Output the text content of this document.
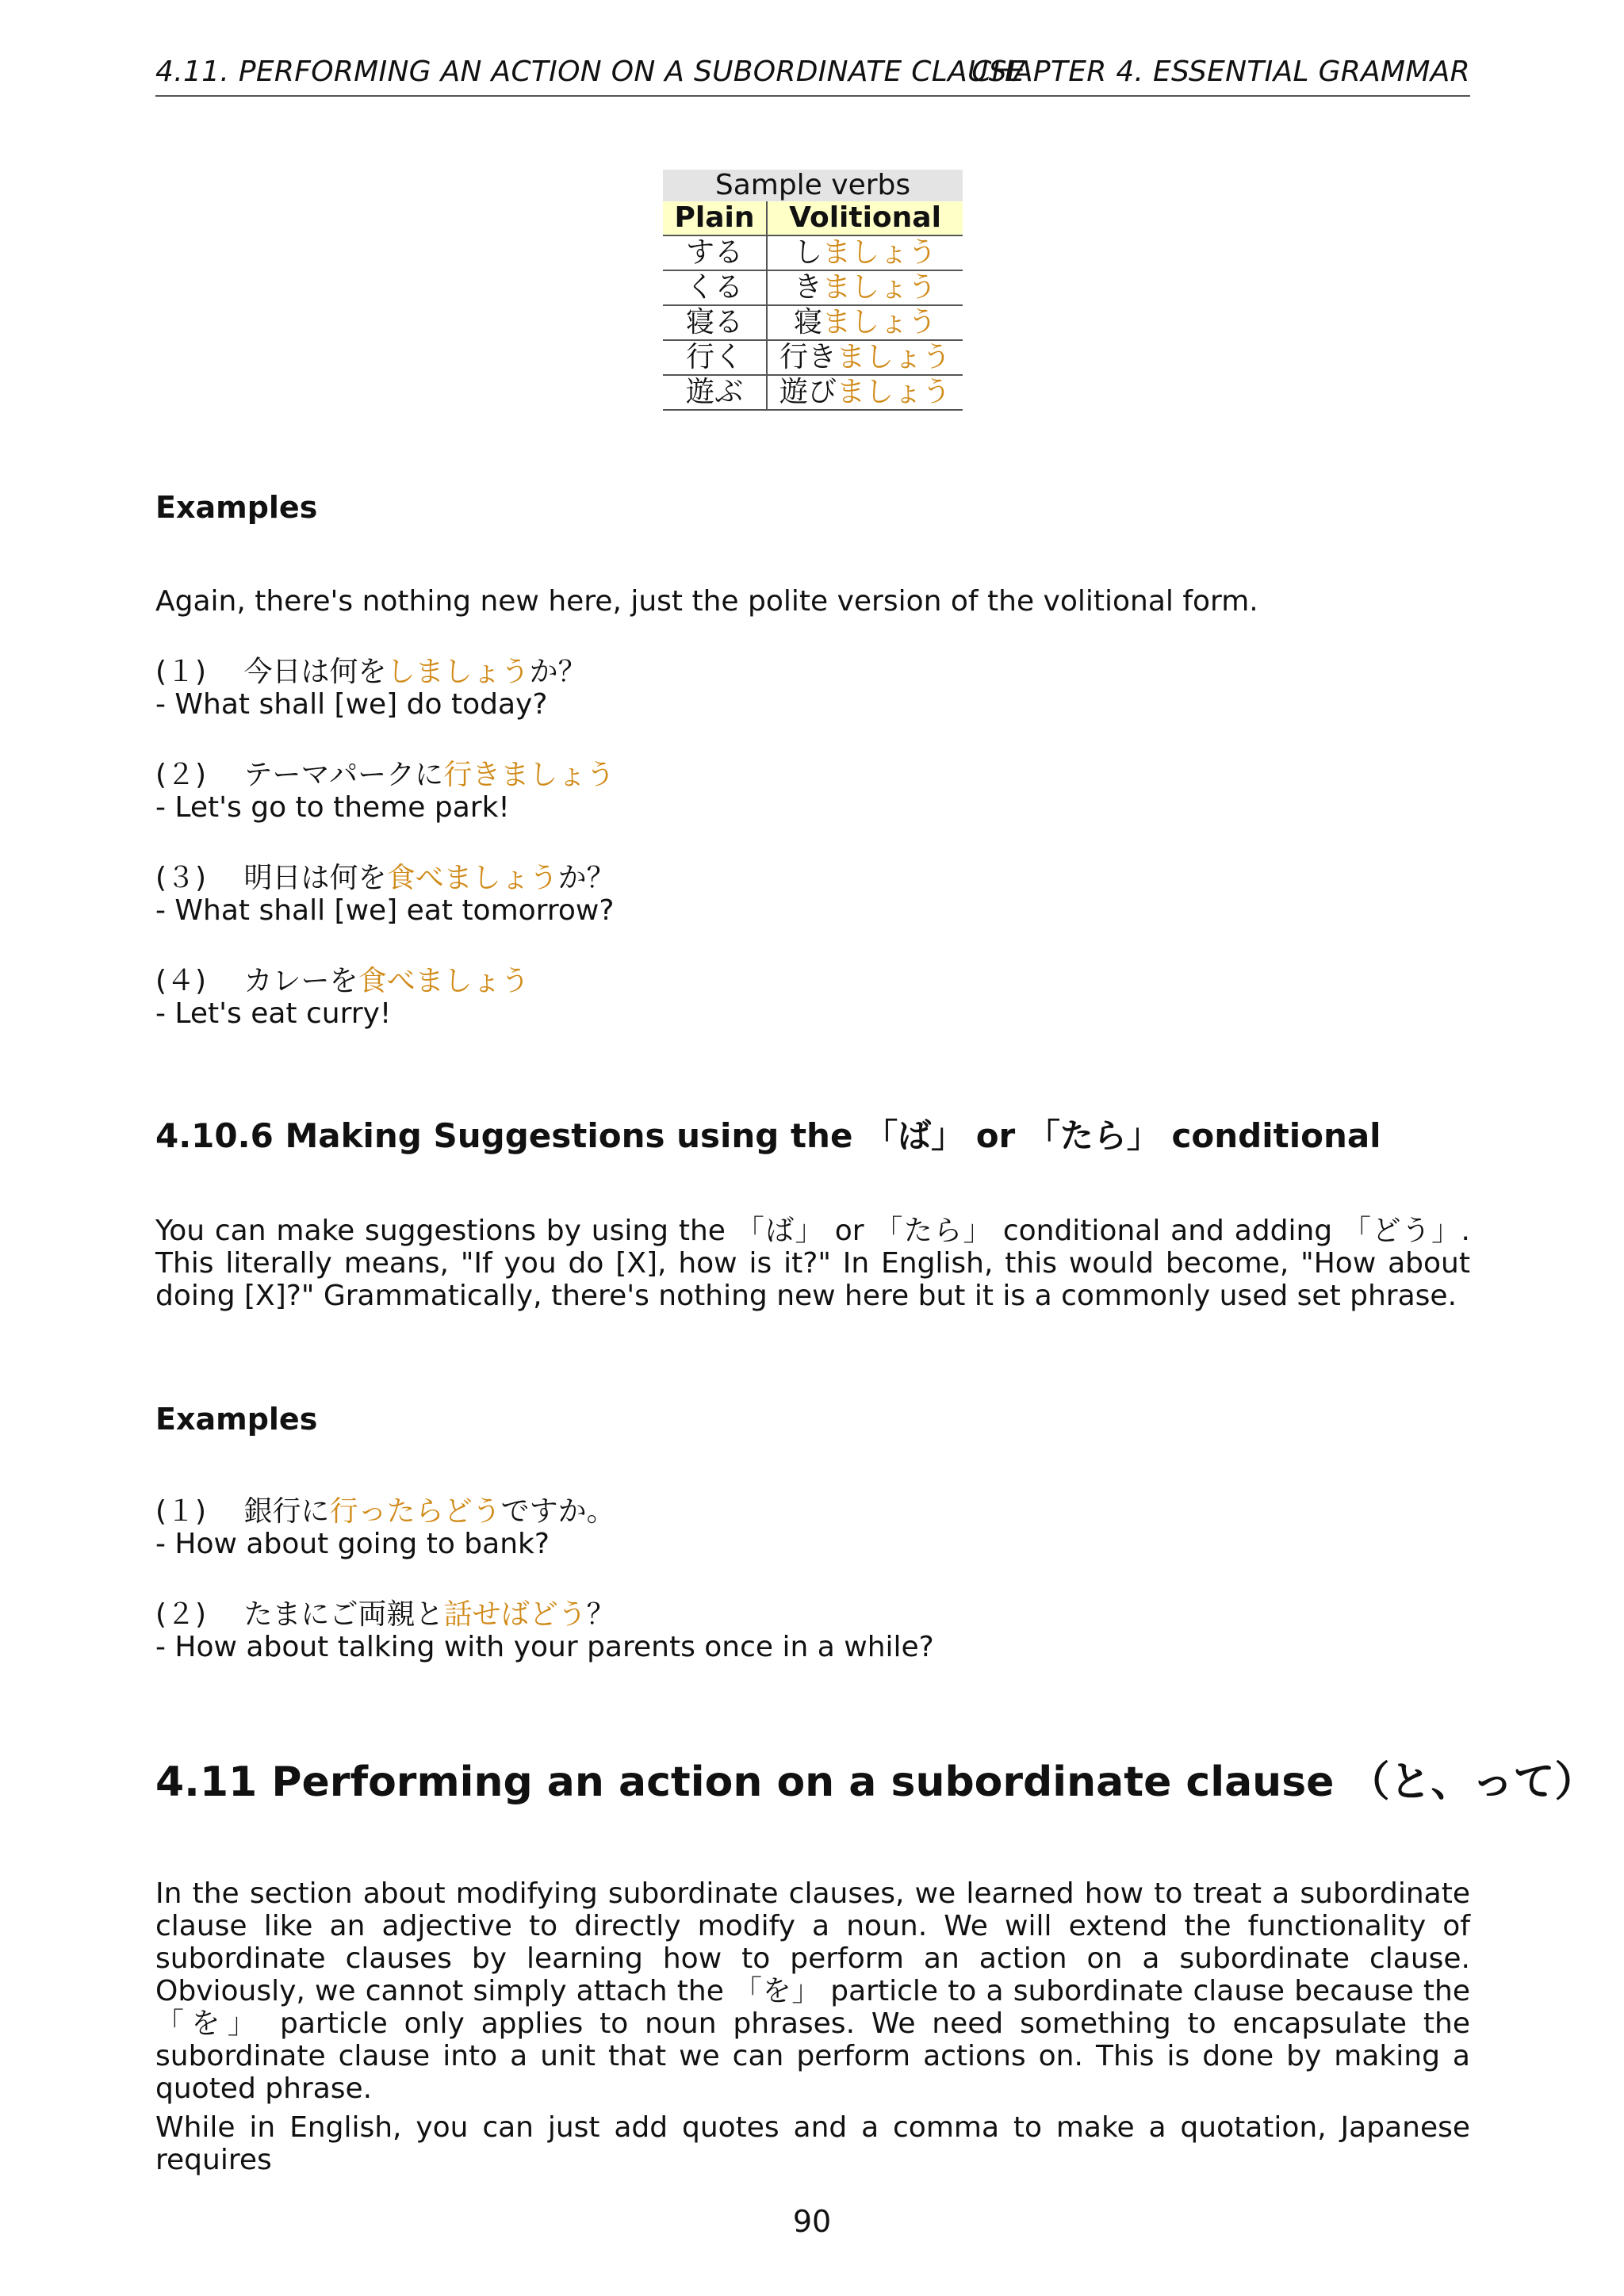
4.11. PERFORMING AN ACTION ON A SUBORDINATE CLAUSE
CHAPTER 4. ESSENTIAL GRAMMAR
Sample verbs	
Plain	Volitional
する	しましょう
くる	きましょう
寝る	寝ましょう
行く	行きましょう
遊ぶ	遊びましょう
Examples

Again, there's nothing new here, just the polite version of the volitional form.

(１)　 今日は何をしましょうか？
- What shall [we] do today?
(２)　 テーマパークに行きましょう
- Let's go to theme park!
(３)　 明日は何を食べましょうか？
- What shall [we] eat tomorrow?
(４)　 カレーを食べましょう
- Let's eat curry!
4.10.6 Making Suggestions using the 「ば」 or 「たら」 conditional

You can make suggestions by using the 「ば」 or 「たら」 conditional and adding 「どう」. This literally means, "If you do [X], how is it?" In English, this would become, "How about doing [X]?" Grammatically, there's nothing new here but it is a commonly used set phrase.

Examples
(１)　 銀行に行ったらどうですか。
- How about going to bank?
(２)　 たまにご両親と話せばどう？
- How about talking with your parents once in a while?
4.11 Performing an action on a subordinate clause （と、って）

In the section about modifying subordinate clauses, we learned how to treat a subordinate clause like an adjective to directly modify a noun. We will extend the functionality of subordinate clauses by learning how to perform an action on a subordinate clause. Obviously, we cannot simply attach the 「を」 particle to a subordinate clause because the 「を」 particle only applies to noun phrases. We need something to encapsulate the subordinate clause into a unit that we can perform actions on. This is done by making a quoted phrase.

While in English, you can just add quotes and a comma to make a quotation, Japanese requires

90
